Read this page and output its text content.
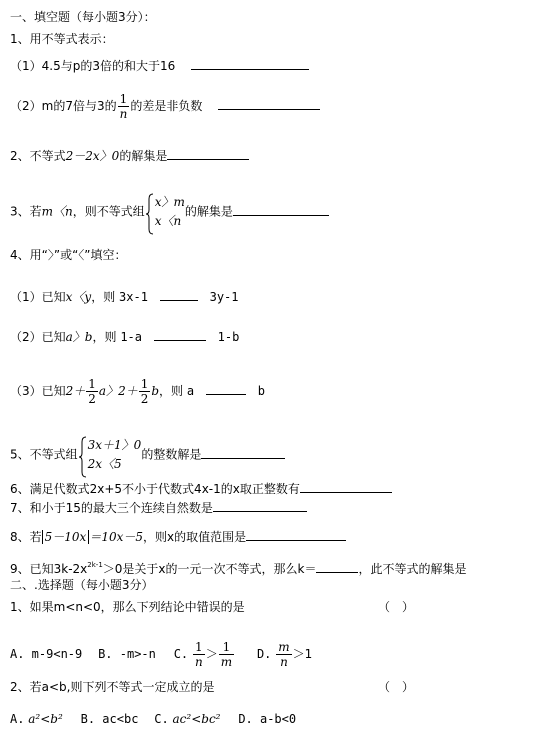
一、填空题（每小题3分）：
1、用不等式表示：
（1）4.5与p的3倍的和大于16
（2）m的7倍与3的 $\frac{1}{n}$ 的差是非负数
2、不等式2－2x〉0的解集是
3、若m〈n，则不等式组
x〉m
x〈n
的解集是
4、用“〉”或“〈”填空：
（1）已知x〈y，则 3x-1	3y-1
（2）已知a〉b，则 1-a	1-b
（3）已知$2+ \frac{1}{2}$ a〉$2+ \frac{1}{2}$ b，则 a	b
5、不等式组
3x＋1〉0
2x〈5
的整数解是
6、满足代数式2x+5不小于代数式4x-1的x取正整数有
7、和小于15的最大三个连续自然数是
8、若 5－10x ＝10x－5，则x的取值范围是
9、已知$3k-2x^{2k-1}>0$是关于x的一元一次不等式，那么k＝	，此不等式的解集是
二、.选择题（每小题3分）
1、如果m<n<0，那么下列结论中错误的是	（　）
A. m-9<n-9 B. -m>-n C. $\frac{1}{n} > \frac{1}{m} D$. $\frac{m}{n} >1$
2、若a<b,则下列不等式一定成立的是	（　）
A. a²<b² B. ac<bc C. ac²<bc² D. a-b<0
